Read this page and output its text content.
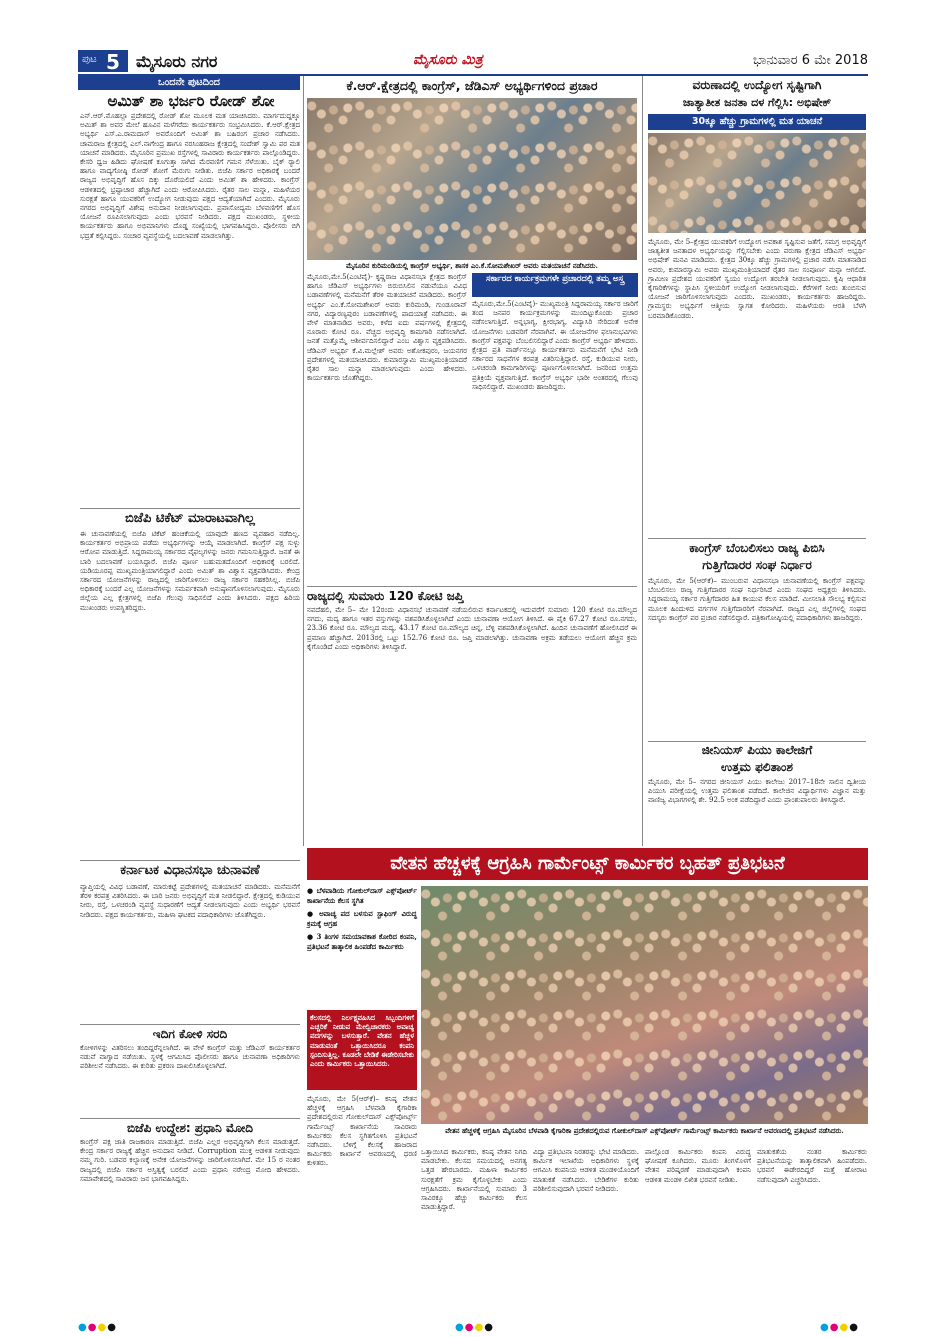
ಪುಟ 5 ಮೈಸೂರು ನಗರ	ಮೈಸೂರು ಮಿತ್ರ	ಭಾನುವಾರ 6 ಮೇ 2018
ಒಂದನೇ ಪುಟದಿಂದ
ಅಮಿತ್ ಶಾ ಭರ್ಜರಿ ರೋಡ್ ಶೋ
ಎನ್.ಆರ್.ಮೊಹಲ್ಲಾ ಪ್ರದೇಶದಲ್ಲಿ ರೋಡ್ ಶೋ ಮೂಲಕ ಮತ ಯಾಚಿಸಿದರು. ಮಾರ್ಗದುದ್ದಕ್ಕೂ ಅಮಿತ್ ಶಾ ಅವರ ಮೇಲೆ ಹೂವಿನ ಮಳೆಗರೆದು ಕಾರ್ಯಕರ್ತರು ಸಂಭ್ರಮಿಸಿದರು. ಕೆ.ಆರ್.ಕ್ಷೇತ್ರದ ಅಭ್ಯರ್ಥಿ ಎಸ್.ಎ.ರಾಮದಾಸ್ ಅವರೊಂದಿಗೆ ಅಮಿತ್ ಶಾ ಬಹಿರಂಗ ಪ್ರಚಾರ ನಡೆಸಿದರು. ಚಾಮರಾಜ ಕ್ಷೇತ್ರದಲ್ಲಿ ಎಲ್.ನಾಗೇಂದ್ರ ಹಾಗೂ ನರಸಿಂಹರಾಜ ಕ್ಷೇತ್ರದಲ್ಲಿ ಸಂದೇಶ್ ಸ್ವಾಮಿ ಪರ ಮತ ಯಾಚನೆ ಮಾಡಿದರು. ಮೈಸೂರಿನ ಪ್ರಮುಖ ರಸ್ತೆಗಳಲ್ಲಿ ಸಾವಿರಾರು ಕಾರ್ಯಕರ್ತರು ಪಾಲ್ಗೊಂಡಿದ್ದರು. ಕೇಸರಿ ಧ್ವಜ ಹಿಡಿದು ಘೋಷಣೆ ಕೂಗುತ್ತಾ ಸಾಗಿದ ಮೆರವಣಿಗೆ ಗಮನ ಸೆಳೆಯಿತು. ಬೈಕ್ ರ‍್ಯಾಲಿ ಹಾಗೂ ವಾದ್ಯಗೋಷ್ಠಿ ರೋಡ್ ಶೋಗೆ ಮೆರುಗು ನೀಡಿತು. ಬಿಜೆಪಿ ಸರ್ಕಾರ ಅಧಿಕಾರಕ್ಕೆ ಬಂದರೆ ರಾಜ್ಯದ ಅಭಿವೃದ್ಧಿಗೆ ಹೊಸ ದಿಕ್ಕು ದೊರೆಯಲಿದೆ ಎಂದು ಅಮಿತ್ ಶಾ ಹೇಳಿದರು. ಕಾಂಗ್ರೆಸ್ ಆಡಳಿತದಲ್ಲಿ ಭ್ರಷ್ಟಾಚಾರ ಹೆಚ್ಚಾಗಿದೆ ಎಂದು ಆರೋಪಿಸಿದರು. ರೈತರ ಸಾಲ ಮನ್ನಾ, ಮಹಿಳೆಯರ ಸುರಕ್ಷತೆ ಹಾಗೂ ಯುವಕರಿಗೆ ಉದ್ಯೋಗ ನೀಡುವುದು ಪಕ್ಷದ ಆದ್ಯತೆಯಾಗಿದೆ ಎಂದರು. ಮೈಸೂರು ನಗರದ ಅಭಿವೃದ್ಧಿಗೆ ವಿಶೇಷ ಅನುದಾನ ನೀಡಲಾಗುವುದು. ಪ್ರವಾಸೋದ್ಯಮ ಬೆಳವಣಿಗೆಗೆ ಹೊಸ ಯೋಜನೆ ರೂಪಿಸಲಾಗುವುದು ಎಂದು ಭರವಸೆ ನೀಡಿದರು. ಪಕ್ಷದ ಮುಖಂಡರು, ಸ್ಥಳೀಯ ಕಾರ್ಯಕರ್ತರು ಹಾಗೂ ಅಭಿಮಾನಿಗಳು ದೊಡ್ಡ ಸಂಖ್ಯೆಯಲ್ಲಿ ಭಾಗವಹಿಸಿದ್ದರು. ಪೊಲೀಸರು ಬಿಗಿ ಭದ್ರತೆ ಕಲ್ಪಿಸಿದ್ದರು. ಸಂಚಾರ ವ್ಯವಸ್ಥೆಯಲ್ಲಿ ಬದಲಾವಣೆ ಮಾಡಲಾಗಿತ್ತು.
ಬಿಜೆಪಿ ಟಿಕೆಟ್ ಮಾರಾಟವಾಗಿಲ್ಲ
ಈ ಚುನಾವಣೆಯಲ್ಲಿ ಬಿಜೆಪಿ ಟಿಕೆಟ್ ಹಂಚಿಕೆಯಲ್ಲಿ ಯಾವುದೇ ಹಣದ ವ್ಯವಹಾರ ನಡೆದಿಲ್ಲ. ಕಾರ್ಯಕರ್ತರ ಅಭಿಪ್ರಾಯ ಪಡೆದು ಅಭ್ಯರ್ಥಿಗಳನ್ನು ಆಯ್ಕೆ ಮಾಡಲಾಗಿದೆ. ಕಾಂಗ್ರೆಸ್ ಪಕ್ಷ ಸುಳ್ಳು ಆರೋಪ ಮಾಡುತ್ತಿದೆ. ಸಿದ್ದರಾಮಯ್ಯ ಸರ್ಕಾರದ ವೈಫಲ್ಯಗಳನ್ನು ಜನರು ಗಮನಿಸುತ್ತಿದ್ದಾರೆ. ಜನತೆ ಈ ಬಾರಿ ಬದಲಾವಣೆ ಬಯಸಿದ್ದಾರೆ. ಬಿಜೆಪಿ ಪೂರ್ಣ ಬಹುಮತದೊಂದಿಗೆ ಅಧಿಕಾರಕ್ಕೆ ಬರಲಿದೆ. ಯಡಿಯೂರಪ್ಪ ಮುಖ್ಯಮಂತ್ರಿಯಾಗಲಿದ್ದಾರೆ ಎಂದು ಅಮಿತ್ ಶಾ ವಿಶ್ವಾಸ ವ್ಯಕ್ತಪಡಿಸಿದರು. ಕೇಂದ್ರ ಸರ್ಕಾರದ ಯೋಜನೆಗಳನ್ನು ರಾಜ್ಯದಲ್ಲಿ ಜಾರಿಗೊಳಿಸಲು ರಾಜ್ಯ ಸರ್ಕಾರ ಸಹಕರಿಸಿಲ್ಲ. ಬಿಜೆಪಿ ಅಧಿಕಾರಕ್ಕೆ ಬಂದರೆ ಎಲ್ಲ ಯೋಜನೆಗಳನ್ನು ಸಮರ್ಪಕವಾಗಿ ಅನುಷ್ಠಾನಗೊಳಿಸಲಾಗುವುದು. ಮೈಸೂರು ಜಿಲ್ಲೆಯ ಎಲ್ಲ ಕ್ಷೇತ್ರಗಳಲ್ಲಿ ಬಿಜೆಪಿ ಗೆಲುವು ಸಾಧಿಸಲಿದೆ ಎಂದು ತಿಳಿಸಿದರು. ಪಕ್ಷದ ಹಿರಿಯ ಮುಖಂಡರು ಉಪಸ್ಥಿತರಿದ್ದರು.
ಕರ್ನಾಟಕ ವಿಧಾನಸಭಾ ಚುನಾವಣೆ
ವ್ಯಾಪ್ತಿಯಲ್ಲಿ ವಿವಿಧ ಬಡಾವಣೆ, ಮಾರುಕಟ್ಟೆ ಪ್ರದೇಶಗಳಲ್ಲಿ ಮತಯಾಚನೆ ಮಾಡಿದರು. ಮನೆಮನೆಗೆ ತೆರಳಿ ಕರಪತ್ರ ವಿತರಿಸಿದರು. ಈ ಬಾರಿ ಜನರು ಅಭಿವೃದ್ಧಿಗೆ ಮತ ನೀಡಲಿದ್ದಾರೆ. ಕ್ಷೇತ್ರದಲ್ಲಿ ಕುಡಿಯುವ ನೀರು, ರಸ್ತೆ, ಒಳಚರಂಡಿ ವ್ಯವಸ್ಥೆ ಸುಧಾರಣೆಗೆ ಆದ್ಯತೆ ನೀಡಲಾಗುವುದು ಎಂದು ಅಭ್ಯರ್ಥಿ ಭರವಸೆ ನೀಡಿದರು. ಪಕ್ಷದ ಕಾರ್ಯಕರ್ತರು, ಮಹಿಳಾ ಘಟಕದ ಪದಾಧಿಕಾರಿಗಳು ಜೊತೆಗಿದ್ದರು.
ಇದಿಗ ಕೋಳಿ ಸರದಿ
ಕೋಳಿಗಳನ್ನು ವಿತರಿಸಲು ತಂದಿದ್ದರೆನ್ನಲಾಗಿದೆ. ಈ ವೇಳೆ ಕಾಂಗ್ರೆಸ್ ಮತ್ತು ಜೆಡಿಎಸ್ ಕಾರ್ಯಕರ್ತರ ನಡುವೆ ವಾಗ್ವಾದ ನಡೆಯಿತು. ಸ್ಥಳಕ್ಕೆ ಆಗಮಿಸಿದ ಪೊಲೀಸರು ಹಾಗೂ ಚುನಾವಣಾ ಅಧಿಕಾರಿಗಳು ಪರಿಶೀಲನೆ ನಡೆಸಿದರು. ಈ ಕುರಿತು ಪ್ರಕರಣ ದಾಖಲಿಸಿಕೊಳ್ಳಲಾಗಿದೆ.
ಬಿಜೆಪಿ ಉದ್ದೇಶ: ಪ್ರಧಾನಿ ಮೋದಿ
ಕಾಂಗ್ರೆಸ್ ಪಕ್ಷ ಜಾತಿ ರಾಜಕಾರಣ ಮಾಡುತ್ತಿದೆ. ಬಿಜೆಪಿ ಎಲ್ಲರ ಅಭಿವೃದ್ಧಿಗಾಗಿ ಕೆಲಸ ಮಾಡುತ್ತದೆ. ಕೇಂದ್ರ ಸರ್ಕಾರ ರಾಜ್ಯಕ್ಕೆ ಹೆಚ್ಚಿನ ಅನುದಾನ ನೀಡಿದೆ. Corruption ಮುಕ್ತ ಆಡಳಿತ ನೀಡುವುದು ನಮ್ಮ ಗುರಿ. ಬಡವರ ಕಲ್ಯಾಣಕ್ಕೆ ಅನೇಕ ಯೋಜನೆಗಳನ್ನು ಜಾರಿಗೊಳಿಸಲಾಗಿದೆ. ಮೇ 15 ರ ನಂತರ ರಾಜ್ಯದಲ್ಲಿ ಬಿಜೆಪಿ ಸರ್ಕಾರ ಅಸ್ತಿತ್ವಕ್ಕೆ ಬರಲಿದೆ ಎಂದು ಪ್ರಧಾನಿ ನರೇಂದ್ರ ಮೋದಿ ಹೇಳಿದರು. ಸಮಾವೇಶದಲ್ಲಿ ಸಾವಿರಾರು ಜನ ಭಾಗವಹಿಸಿದ್ದರು.
ಕೆ.ಆರ್.ಕ್ಷೇತ್ರದಲ್ಲಿ ಕಾಂಗ್ರೆಸ್, ಜೆಡಿಎಸ್ ಅಭ್ಯರ್ಥಿಗಳಿಂದ ಪ್ರಚಾರ
ಮೈಸೂರಿನ ಕುರಿಮಂಡಿಯಲ್ಲಿ ಕಾಂಗ್ರೆಸ್ ಅಭ್ಯರ್ಥಿ, ಶಾಸಕ ಎಂ.ಕೆ.ಸೋಮಶೇಖರ್ ಅವರು ಮತಯಾಚನೆ ನಡೆಸಿದರು.
ಮೈಸೂರು,ಮೇ.5(ಎಂಟಿವೈ)- ಕೃಷ್ಣರಾಜ ವಿಧಾನಸಭಾ ಕ್ಷೇತ್ರದ ಕಾಂಗ್ರೆಸ್ ಹಾಗೂ ಜೆಡಿಎಸ್ ಅಭ್ಯರ್ಥಿಗಳು ಬಿರುಬಿಸಿಲಿನ ನಡುವೆಯೂ ವಿವಿಧ ಬಡಾವಣೆಗಳಲ್ಲಿ ಮನೆಮನೆಗೆ ತೆರಳಿ ಮತಯಾಚನೆ ಮಾಡಿದರು. ಕಾಂಗ್ರೆಸ್ ಅಭ್ಯರ್ಥಿ ಎಂ.ಕೆ.ಸೋಮಶೇಖರ್ ಅವರು ಕುರಿಮಂಡಿ, ಗುಂಡೂರಾವ್ ನಗರ, ವಿದ್ಯಾರಣ್ಯಪುರಂ ಬಡಾವಣೆಗಳಲ್ಲಿ ಪಾದಯಾತ್ರೆ ನಡೆಸಿದರು. ಈ ವೇಳೆ ಮಾತನಾಡಿದ ಅವರು, ಕಳೆದ ಐದು ವರ್ಷಗಳಲ್ಲಿ ಕ್ಷೇತ್ರದಲ್ಲಿ ನೂರಾರು ಕೋಟಿ ರೂ. ವೆಚ್ಚದ ಅಭಿವೃದ್ಧಿ ಕಾಮಗಾರಿ ನಡೆಸಲಾಗಿದೆ. ಜನತೆ ಮತ್ತೊಮ್ಮೆ ಆಶೀರ್ವದಿಸಲಿದ್ದಾರೆ ಎಂಬ ವಿಶ್ವಾಸ ವ್ಯಕ್ತಪಡಿಸಿದರು. ಜೆಡಿಎಸ್ ಅಭ್ಯರ್ಥಿ ಕೆ.ವಿ.ಮಲ್ಲೇಶ್ ಅವರು ಅಶೋಕಪುರಂ, ಜಯನಗರ ಪ್ರದೇಶಗಳಲ್ಲಿ ಮತಯಾಚಿಸಿದರು. ಕುಮಾರಸ್ವಾಮಿ ಮುಖ್ಯಮಂತ್ರಿಯಾದರೆ ರೈತರ ಸಾಲ ಮನ್ನಾ ಮಾಡಲಾಗುವುದು ಎಂದು ಹೇಳಿದರು. ಕಾರ್ಯಕರ್ತರು ಜೊತೆಗಿದ್ದರು.
ಸರ್ಕಾರದ ಕಾರ್ಯಕ್ರಮಗಳೇ ಪ್ರಚಾರದಲ್ಲಿ ತಮ್ಮ ಅಸ್ತ್ರ
ಮೈಸೂರು,ಮೇ.5(ಎಂಟಿವೈ)- ಮುಖ್ಯಮಂತ್ರಿ ಸಿದ್ದರಾಮಯ್ಯ ಸರ್ಕಾರ ಜಾರಿಗೆ ತಂದ ಜನಪರ ಕಾರ್ಯಕ್ರಮಗಳನ್ನು ಮುಂದಿಟ್ಟುಕೊಂಡು ಪ್ರಚಾರ ನಡೆಸಲಾಗುತ್ತಿದೆ. ಅನ್ನಭಾಗ್ಯ, ಕ್ಷೀರಭಾಗ್ಯ, ವಿದ್ಯಾಸಿರಿ ಸೇರಿದಂತೆ ಅನೇಕ ಯೋಜನೆಗಳು ಬಡವರಿಗೆ ನೆರವಾಗಿವೆ. ಈ ಯೋಜನೆಗಳ ಫಲಾನುಭವಿಗಳು ಕಾಂಗ್ರೆಸ್ ಪಕ್ಷವನ್ನು ಬೆಂಬಲಿಸಲಿದ್ದಾರೆ ಎಂದು ಕಾಂಗ್ರೆಸ್ ಅಭ್ಯರ್ಥಿ ಹೇಳಿದರು. ಕ್ಷೇತ್ರದ ಪ್ರತಿ ವಾರ್ಡ್‌ನಲ್ಲೂ ಕಾರ್ಯಕರ್ತರು ಮನೆಮನೆಗೆ ಭೇಟಿ ನೀಡಿ ಸರ್ಕಾರದ ಸಾಧನೆಗಳ ಕರಪತ್ರ ವಿತರಿಸುತ್ತಿದ್ದಾರೆ. ರಸ್ತೆ, ಕುಡಿಯುವ ನೀರು, ಒಳಚರಂಡಿ ಕಾಮಗಾರಿಗಳನ್ನು ಪೂರ್ಣಗೊಳಿಸಲಾಗಿದೆ. ಜನರಿಂದ ಉತ್ತಮ ಪ್ರತಿಕ್ರಿಯೆ ವ್ಯಕ್ತವಾಗುತ್ತಿದೆ. ಕಾಂಗ್ರೆಸ್ ಅಭ್ಯರ್ಥಿ ಭಾರೀ ಅಂತರದಲ್ಲಿ ಗೆಲುವು ಸಾಧಿಸಲಿದ್ದಾರೆ. ಮುಖಂಡರು ಹಾಜರಿದ್ದರು.
ರಾಜ್ಯದಲ್ಲಿ ಸುಮಾರು 120 ಕೋಟಿ ಜಪ್ತಿ
ನವದೆಹಲಿ, ಮೇ 5– ಮೇ 12ರಂದು ವಿಧಾನಸಭೆ ಚುನಾವಣೆ ನಡೆಯಲಿರುವ ಕರ್ನಾಟಕದಲ್ಲಿ ಇದುವರೆಗೆ ಸುಮಾರು 120 ಕೋಟಿ ರೂ.ಮೌಲ್ಯದ ನಗದು, ಮದ್ಯ ಹಾಗೂ ಇತರ ವಸ್ತುಗಳನ್ನು ವಶಪಡಿಸಿಕೊಳ್ಳಲಾಗಿದೆ ಎಂದು ಚುನಾವಣಾ ಆಯೋಗ ತಿಳಿಸಿದೆ. ಈ ಪೈಕಿ 67.27 ಕೋಟಿ ರೂ.ನಗದು, 23.36 ಕೋಟಿ ರೂ. ಮೌಲ್ಯದ ಮದ್ಯ, 43.17 ಕೋಟಿ ರೂ.ಮೌಲ್ಯದ ಚಿನ್ನ, ಬೆಳ್ಳಿ ವಶಪಡಿಸಿಕೊಳ್ಳಲಾಗಿದೆ. ಹಿಂದಿನ ಚುನಾವಣೆಗೆ ಹೋಲಿಸಿದರೆ ಈ ಪ್ರಮಾಣ ಹೆಚ್ಚಾಗಿದೆ. 2013ರಲ್ಲಿ ಒಟ್ಟು 152.76 ಕೋಟಿ ರೂ. ಜಪ್ತಿ ಮಾಡಲಾಗಿತ್ತು. ಚುನಾವಣಾ ಅಕ್ರಮ ತಡೆಯಲು ಆಯೋಗ ಹೆಚ್ಚಿನ ಕ್ರಮ ಕೈಗೊಂಡಿದೆ ಎಂದು ಅಧಿಕಾರಿಗಳು ತಿಳಿಸಿದ್ದಾರೆ.
ವರುಣಾದಲ್ಲಿ ಉದ್ಯೋಗ ಸೃಷ್ಟಿಗಾಗಿ
ಜಾತ್ಯಾತೀತ ಜನತಾ ದಳ ಗೆಲ್ಲಿಸಿ: ಅಭಿಷೇಕ್
30ಕ್ಕೂ ಹೆಚ್ಚು ಗ್ರಾಮಗಳಲ್ಲಿ ಮತ ಯಾಚನೆ
ಮೈಸೂರು, ಮೇ 5–ಕ್ಷೇತ್ರದ ಯುವಕರಿಗೆ ಉದ್ಯೋಗ ಅವಕಾಶ ಸೃಷ್ಟಿಸುವ ಜತೆಗೆ, ಸಮಗ್ರ ಅಭಿವೃದ್ಧಿಗೆ ಜಾತ್ಯತೀತ ಜನತಾದಳ ಅಭ್ಯರ್ಥಿಯನ್ನು ಗೆಲ್ಲಿಸಬೇಕು ಎಂದು ವರುಣಾ ಕ್ಷೇತ್ರದ ಜೆಡಿಎಸ್ ಅಭ್ಯರ್ಥಿ ಅಭಿಷೇಕ್ ಮನವಿ ಮಾಡಿದರು. ಕ್ಷೇತ್ರದ 30ಕ್ಕೂ ಹೆಚ್ಚು ಗ್ರಾಮಗಳಲ್ಲಿ ಪ್ರಚಾರ ನಡೆಸಿ ಮಾತನಾಡಿದ ಅವರು, ಕುಮಾರಸ್ವಾಮಿ ಅವರು ಮುಖ್ಯಮಂತ್ರಿಯಾದರೆ ರೈತರ ಸಾಲ ಸಂಪೂರ್ಣ ಮನ್ನಾ ಆಗಲಿದೆ. ಗ್ರಾಮೀಣ ಪ್ರದೇಶದ ಯುವಕರಿಗೆ ಸ್ವಯಂ ಉದ್ಯೋಗ ತರಬೇತಿ ನೀಡಲಾಗುವುದು. ಕೃಷಿ ಆಧಾರಿತ ಕೈಗಾರಿಕೆಗಳನ್ನು ಸ್ಥಾಪಿಸಿ ಸ್ಥಳೀಯರಿಗೆ ಉದ್ಯೋಗ ನೀಡಲಾಗುವುದು. ಕೆರೆಗಳಿಗೆ ನೀರು ತುಂಬಿಸುವ ಯೋಜನೆ ಜಾರಿಗೊಳಿಸಲಾಗುವುದು ಎಂದರು. ಮುಖಂಡರು, ಕಾರ್ಯಕರ್ತರು ಹಾಜರಿದ್ದರು. ಗ್ರಾಮಸ್ಥರು ಅಭ್ಯರ್ಥಿಗೆ ಆತ್ಮೀಯ ಸ್ವಾಗತ ಕೋರಿದರು. ಮಹಿಳೆಯರು ಆರತಿ ಬೆಳಗಿ ಬರಮಾಡಿಕೊಂಡರು.
ಕಾಂಗ್ರೆಸ್ ಬೆಂಬಲಿಸಲು ರಾಜ್ಯ ಪಿಬಿಸಿ
ಗುತ್ತಿಗೆದಾರರ ಸಂಘ ನಿರ್ಧಾರ
ಮೈಸೂರು, ಮೇ 5(ಆರ್‌ಕೆ)– ಮುಂಬರುವ ವಿಧಾನಸಭಾ ಚುನಾವಣೆಯಲ್ಲಿ ಕಾಂಗ್ರೆಸ್ ಪಕ್ಷವನ್ನು ಬೆಂಬಲಿಸಲು ರಾಜ್ಯ ಗುತ್ತಿಗೆದಾರರ ಸಂಘ ನಿರ್ಧರಿಸಿದೆ ಎಂದು ಸಂಘದ ಅಧ್ಯಕ್ಷರು ತಿಳಿಸಿದರು. ಸಿದ್ದರಾಮಯ್ಯ ಸರ್ಕಾರ ಗುತ್ತಿಗೆದಾರರ ಹಿತ ಕಾಯುವ ಕೆಲಸ ಮಾಡಿದೆ. ಮೀಸಲಾತಿ ಸೌಲಭ್ಯ ಕಲ್ಪಿಸುವ ಮೂಲಕ ಹಿಂದುಳಿದ ವರ್ಗಗಳ ಗುತ್ತಿಗೆದಾರರಿಗೆ ನೆರವಾಗಿದೆ. ರಾಜ್ಯದ ಎಲ್ಲ ಜಿಲ್ಲೆಗಳಲ್ಲಿ ಸಂಘದ ಸದಸ್ಯರು ಕಾಂಗ್ರೆಸ್ ಪರ ಪ್ರಚಾರ ನಡೆಸಲಿದ್ದಾರೆ. ಪತ್ರಿಕಾಗೋಷ್ಠಿಯಲ್ಲಿ ಪದಾಧಿಕಾರಿಗಳು ಹಾಜರಿದ್ದರು.
ಜೀನಿಯಸ್ ಪಿಯು ಕಾಲೇಜಿಗೆ
ಉತ್ತಮ ಫಲಿತಾಂಶ
ಮೈಸೂರು, ಮೇ 5– ನಗರದ ಜೀನಿಯಸ್ ಪಿಯು ಕಾಲೇಜು 2017–18ನೇ ಸಾಲಿನ ದ್ವಿತೀಯ ಪಿಯುಸಿ ಪರೀಕ್ಷೆಯಲ್ಲಿ ಉತ್ತಮ ಫಲಿತಾಂಶ ಪಡೆದಿದೆ. ಕಾಲೇಜಿನ ವಿದ್ಯಾರ್ಥಿಗಳು ವಿಜ್ಞಾನ ಮತ್ತು ವಾಣಿಜ್ಯ ವಿಭಾಗಗಳಲ್ಲಿ ಶೇ. 92.5 ಅಂಕ ಪಡೆದಿದ್ದಾರೆ ಎಂದು ಪ್ರಾಂಶುಪಾಲರು ತಿಳಿಸಿದ್ದಾರೆ.
ವೇತನ ಹೆಚ್ಚಳಕ್ಕೆ ಆಗ್ರಹಿಸಿ ಗಾರ್ಮೆಂಟ್ಸ್ ಕಾರ್ಮಿಕರ ಬೃಹತ್ ಪ್ರತಿಭಟನೆ
● ಬೆಳವಾಡಿಯ ಗೋಕುಲ್‌ದಾಸ್ ಎಕ್ಸ್‌ಪೋರ್ಟ್ ಕಾರ್ಖಾನೆಯ ಕೆಲಸ ಸ್ಥಗಿತ
● ಅವಾಚ್ಯ ಪದ ಬಳಸುವ ಸ್ಟಾಫಿಂಗ್ ವಿರುದ್ಧ ಕ್ರಮಕ್ಕೆ ಆಗ್ರಹ
● 3 ತಿಂಗಳ ಸಮಯಾವಕಾಶ ಕೋರಿದ ಕಂಪನಿ, ಪ್ರತಿಭಟನೆ ತಾತ್ಕಾಲಿಕ ಹಿಂಪಡೆದ ಕಾರ್ಮಿಕರು
ಕೆಲಸದಲ್ಲಿ ನಿರ್ಲಕ್ಷ್ಯವಹಿಸಿದ ಸಿಬ್ಬಂದಿಗಳಿಗೆ ಎಚ್ಚರಿಕೆ ನೀಡುವ ಮೇಲ್ವಿಚಾರಕರು ಅವಾಚ್ಯ ಪದಗಳನ್ನು ಬಳಸುತ್ತಾರೆ. ವೇತನ ಹೆಚ್ಚಳ ಮಾಡುವಂತೆ ಒತ್ತಾಯಿಸಿದರೂ ಕಂಪನಿ ಸ್ಪಂದಿಸುತ್ತಿಲ್ಲ. ಕೂಡಲೇ ಬೇಡಿಕೆ ಈಡೇರಿಸಬೇಕು ಎಂದು ಕಾರ್ಮಿಕರು ಒತ್ತಾಯಿಸಿದರು.
ಮೈಸೂರು, ಮೇ 5(ಆರ್‌ಕೆ)– ಕನಿಷ್ಠ ವೇತನ ಹೆಚ್ಚಳಕ್ಕೆ ಆಗ್ರಹಿಸಿ ಬೆಳವಾಡಿ ಕೈಗಾರಿಕಾ ಪ್ರದೇಶದಲ್ಲಿರುವ ಗೋಕುಲ್‌ದಾಸ್ ಎಕ್ಸ್‌ಪೋರ್ಟ್ಸ್ ಗಾರ್ಮೆಂಟ್ಸ್ ಕಾರ್ಖಾನೆಯ ಸಾವಿರಾರು ಕಾರ್ಮಿಕರು ಕೆಲಸ ಸ್ಥಗಿತಗೊಳಿಸಿ ಪ್ರತಿಭಟನೆ ನಡೆಸಿದರು. ಬೆಳಿಗ್ಗೆ ಕೆಲಸಕ್ಕೆ ಹಾಜರಾದ ಕಾರ್ಮಿಕರು ಕಾರ್ಖಾನೆ ಆವರಣದಲ್ಲಿ ಧರಣಿ ಕುಳಿತರು.
ವೇತನ ಹೆಚ್ಚಳಕ್ಕೆ ಆಗ್ರಹಿಸಿ ಮೈಸೂರಿನ ಬೆಳವಾಡಿ ಕೈಗಾರಿಕಾ ಪ್ರದೇಶದಲ್ಲಿರುವ ಗೋಕುಲ್‌ದಾಸ್ ಎಕ್ಸ್‌ಪೋರ್ಟ್ ಗಾರ್ಮೆಂಟ್ಸ್ ಕಾರ್ಮಿಕರು ಕಾರ್ಖಾನೆ ಆವರಣದಲ್ಲಿ ಪ್ರತಿಭಟನೆ ನಡೆಸಿದರು.
ಒತ್ತಾಯಿಸಿದ ಕಾರ್ಮಿಕರು, ಕನಿಷ್ಠ ವೇತನ ನಿಗದಿ ಮಾಡಬೇಕು. ಕೆಲಸದ ಸಮಯದಲ್ಲಿ ಅನಗತ್ಯ ಒತ್ತಡ ಹೇರಬಾರದು. ಮಹಿಳಾ ಕಾರ್ಮಿಕರ ಸುರಕ್ಷತೆಗೆ ಕ್ರಮ ಕೈಗೊಳ್ಳಬೇಕು ಎಂದು ಆಗ್ರಹಿಸಿದರು. ಕಾರ್ಖಾನೆಯಲ್ಲಿ ಸುಮಾರು 3 ಸಾವಿರಕ್ಕೂ ಹೆಚ್ಚು ಕಾರ್ಮಿಕರು ಕೆಲಸ ಮಾಡುತ್ತಿದ್ದಾರೆ.
ವಿದ್ಯಾ ಪ್ರತಿಭಟನಾ ನಿರತರನ್ನು ಭೇಟಿ ಮಾಡಿದರು. ಕಾರ್ಮಿಕ ಇಲಾಖೆಯ ಅಧಿಕಾರಿಗಳು ಸ್ಥಳಕ್ಕೆ ಆಗಮಿಸಿ ಕಂಪನಿಯ ಆಡಳಿತ ಮಂಡಳಿಯೊಂದಿಗೆ ಮಾತುಕತೆ ನಡೆಸಿದರು. ಬೇಡಿಕೆಗಳ ಕುರಿತು ಪರಿಶೀಲಿಸುವುದಾಗಿ ಭರವಸೆ ನೀಡಿದರು.
ಪಾಲ್ಗೊಂಡ ಕಾರ್ಮಿಕರು ಕಂಪನಿ ವಿರುದ್ಧ ಘೋಷಣೆ ಕೂಗಿದರು. ಮೂರು ತಿಂಗಳೊಳಗೆ ವೇತನ ಪರಿಷ್ಕರಣೆ ಮಾಡುವುದಾಗಿ ಕಂಪನಿ ಆಡಳಿತ ಮಂಡಳಿ ಲಿಖಿತ ಭರವಸೆ ನೀಡಿತು.
ಮಾತುಕತೆಯ ನಂತರ ಕಾರ್ಮಿಕರು ಪ್ರತಿಭಟನೆಯನ್ನು ತಾತ್ಕಾಲಿಕವಾಗಿ ಹಿಂಪಡೆದರು. ಭರವಸೆ ಈಡೇರದಿದ್ದರೆ ಮತ್ತೆ ಹೋರಾಟ ನಡೆಸುವುದಾಗಿ ಎಚ್ಚರಿಸಿದರು.
●●●●	●●●●	●●●●
